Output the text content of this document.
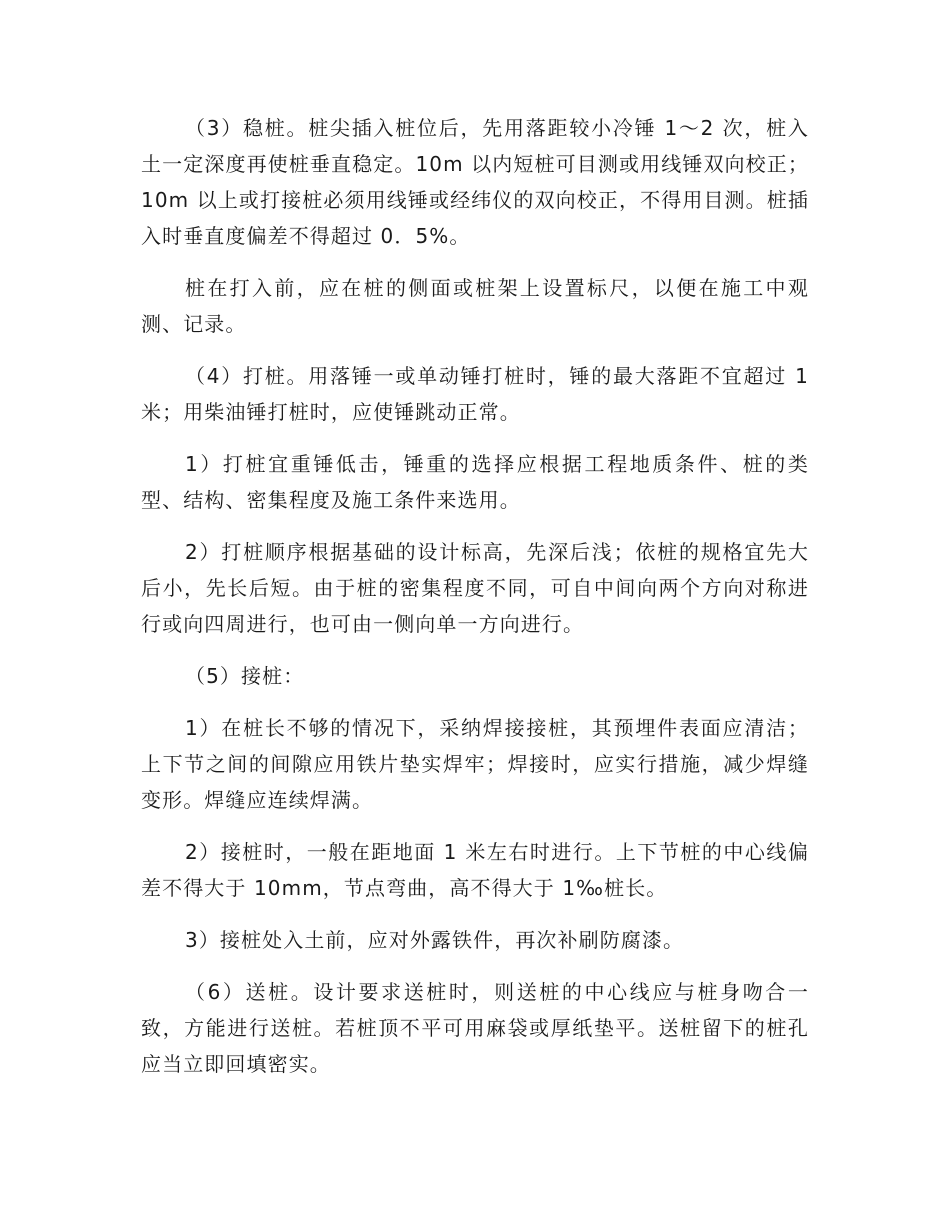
（3）稳桩。桩尖插入桩位后，先用落距较小冷锤 1～2 次，桩入土一定深度再使桩垂直稳定。10m 以内短桩可目测或用线锤双向校正；10m 以上或打接桩必须用线锤或经纬仪的双向校正，不得用目测。桩插入时垂直度偏差不得超过 0．5%。

桩在打入前，应在桩的侧面或桩架上设置标尺，以便在施工中观测、记录。

（4）打桩。用落锤一或单动锤打桩时，锤的最大落距不宜超过 1 米；用柴油锤打桩时，应使锤跳动正常。

1）打桩宜重锤低击，锤重的选择应根据工程地质条件、桩的类型、结构、密集程度及施工条件来选用。

2）打桩顺序根据基础的设计标高，先深后浅；依桩的规格宜先大后小，先长后短。由于桩的密集程度不同，可自中间向两个方向对称进行或向四周进行，也可由一侧向单一方向进行。

（5）接桩：

1）在桩长不够的情况下，采纳焊接接桩，其预埋件表面应清洁；上下节之间的间隙应用铁片垫实焊牢；焊接时，应实行措施，减少焊缝变形。焊缝应连续焊满。

2）接桩时，一般在距地面 1 米左右时进行。上下节桩的中心线偏差不得大于 10mm，节点弯曲，高不得大于 1‰桩长。

3）接桩处入土前，应对外露铁件，再次补刷防腐漆。

（6）送桩。设计要求送桩时，则送桩的中心线应与桩身吻合一致，方能进行送桩。若桩顶不平可用麻袋或厚纸垫平。送桩留下的桩孔应当立即回填密实。
